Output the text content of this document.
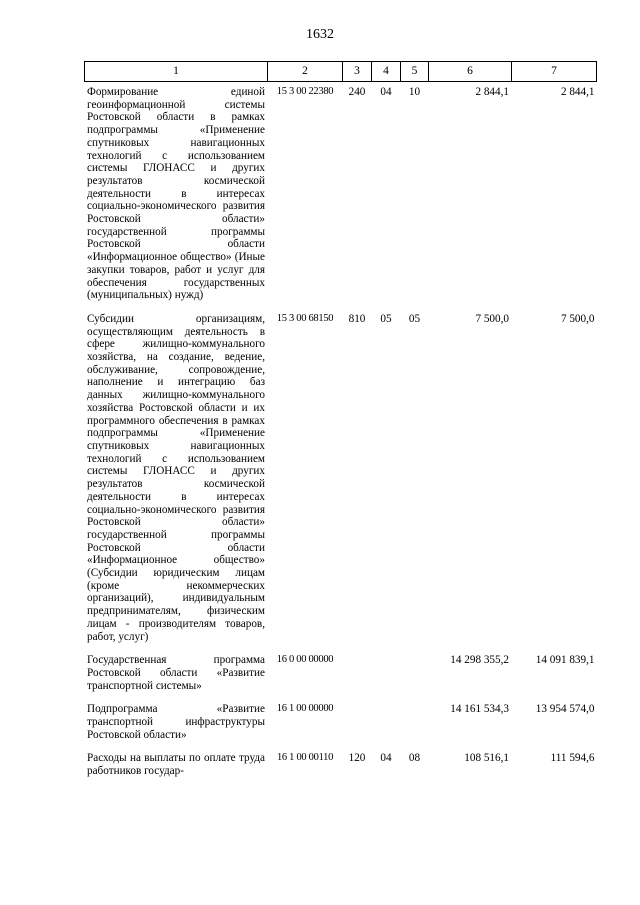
1632
1	2	3	4	5	6	7
Формирование единой геоинформационной системы Ростовской области в рамках подпрограммы «Применение спутниковых навигационных технологий с использованием системы ГЛОНАСС и других результатов космической деятельности в интересах социально-экономического развития Ростовской области» государственной программы Ростовской области «Информационное общество» (Иные закупки товаров, работ и услуг для обеспечения государственных (муниципальных) нужд)	15 3 00 22380	240	04	10	2 844,1	2 844,1
Субсидии организациям, осуществляющим деятельность в сфере жилищно-коммунального хозяйства, на создание, ведение, обслуживание, сопровождение, наполнение и интеграцию баз данных жилищно-коммунального хозяйства Ростовской области и их программного обеспечения в рамках подпрограммы «Применение спутниковых навигационных технологий с использованием системы ГЛОНАСС и других результатов космической деятельности в интересах социально-экономического развития Ростовской области» государственной программы Ростовской области «Информационное общество» (Субсидии юридическим лицам (кроме некоммерческих организаций), индивидуальным предпринимателям, физическим лицам - производителям товаров, работ, услуг)	15 3 00 68150	810	05	05	7 500,0	7 500,0
Государственная программа Ростовской области «Развитие транспортной системы»	16 0 00 00000				14 298 355,2	14 091 839,1
Подпрограмма «Развитие транспортной инфраструктуры Ростовской области»	16 1 00 00000				14 161 534,3	13 954 574,0
Расходы на выплаты по оплате труда работников государ-	16 1 00 00110	120	04	08	108 516,1	111 594,6
